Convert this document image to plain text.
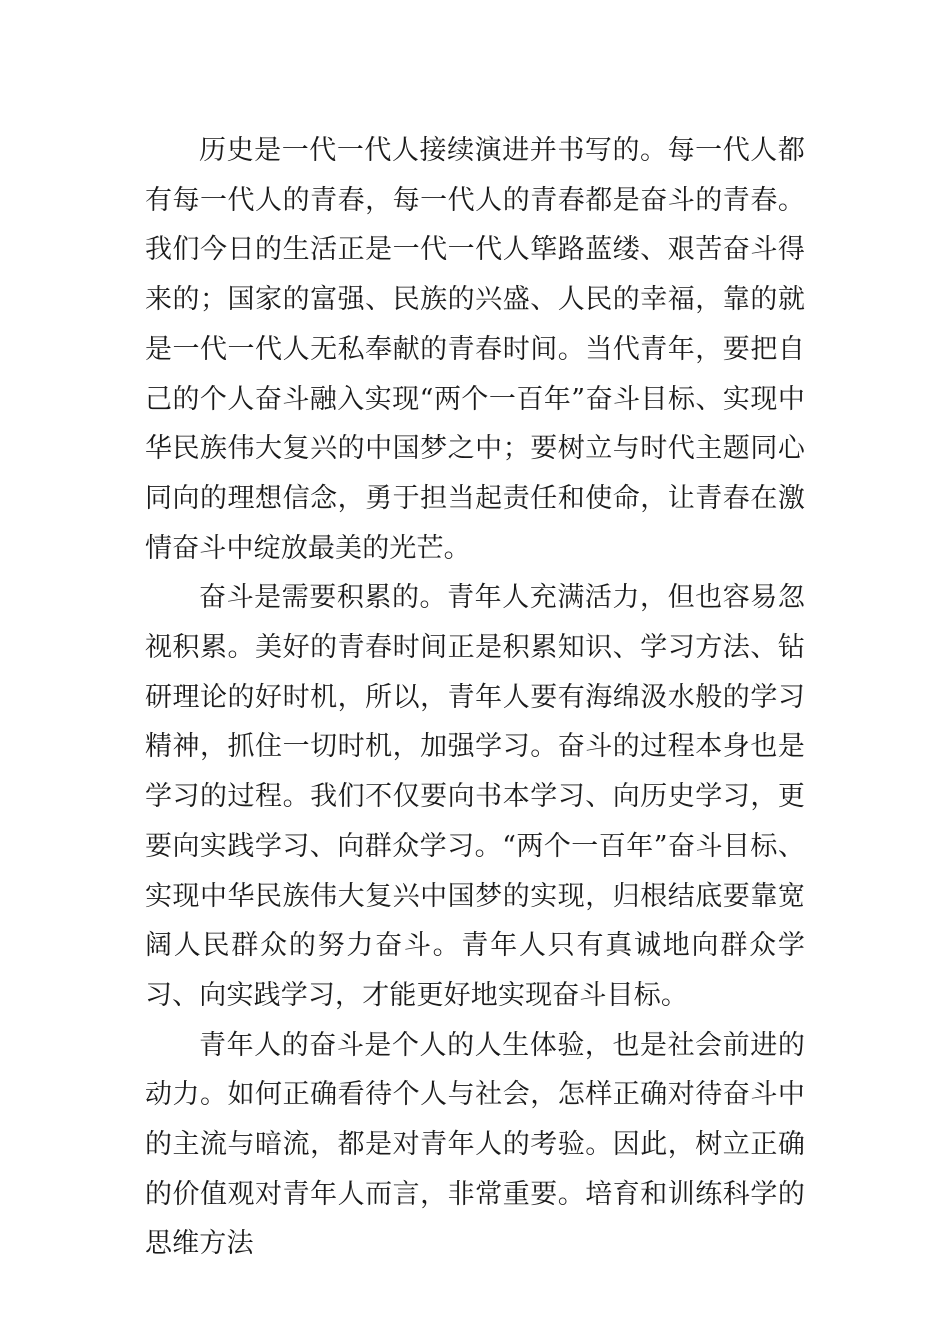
历史是一代一代人接续演进并书写的。每一代人都有每一代人的青春，每一代人的青春都是奋斗的青春。我们今日的生活正是一代一代人筚路蓝缕、艰苦奋斗得来的；国家的富强、民族的兴盛、人民的幸福，靠的就是一代一代人无私奉献的青春时间。当代青年，要把自己的个人奋斗融入实现“两个一百年”奋斗目标、实现中华民族伟大复兴的中国梦之中；要树立与时代主题同心同向的理想信念，勇于担当起责任和使命，让青春在激情奋斗中绽放最美的光芒。

奋斗是需要积累的。青年人充满活力，但也容易忽视积累。美好的青春时间正是积累知识、学习方法、钻研理论的好时机，所以，青年人要有海绵汲水般的学习精神，抓住一切时机，加强学习。奋斗的过程本身也是学习的过程。我们不仅要向书本学习、向历史学习，更要向实践学习、向群众学习。“两个一百年”奋斗目标、实现中华民族伟大复兴中国梦的实现，归根结底要靠宽阔人民群众的努力奋斗。青年人只有真诚地向群众学习、向实践学习，才能更好地实现奋斗目标。

青年人的奋斗是个人的人生体验，也是社会前进的动力。如何正确看待个人与社会，怎样正确对待奋斗中的主流与暗流，都是对青年人的考验。因此，树立正确的价值观对青年人而言，非常重要。培育和训练科学的思维方法
